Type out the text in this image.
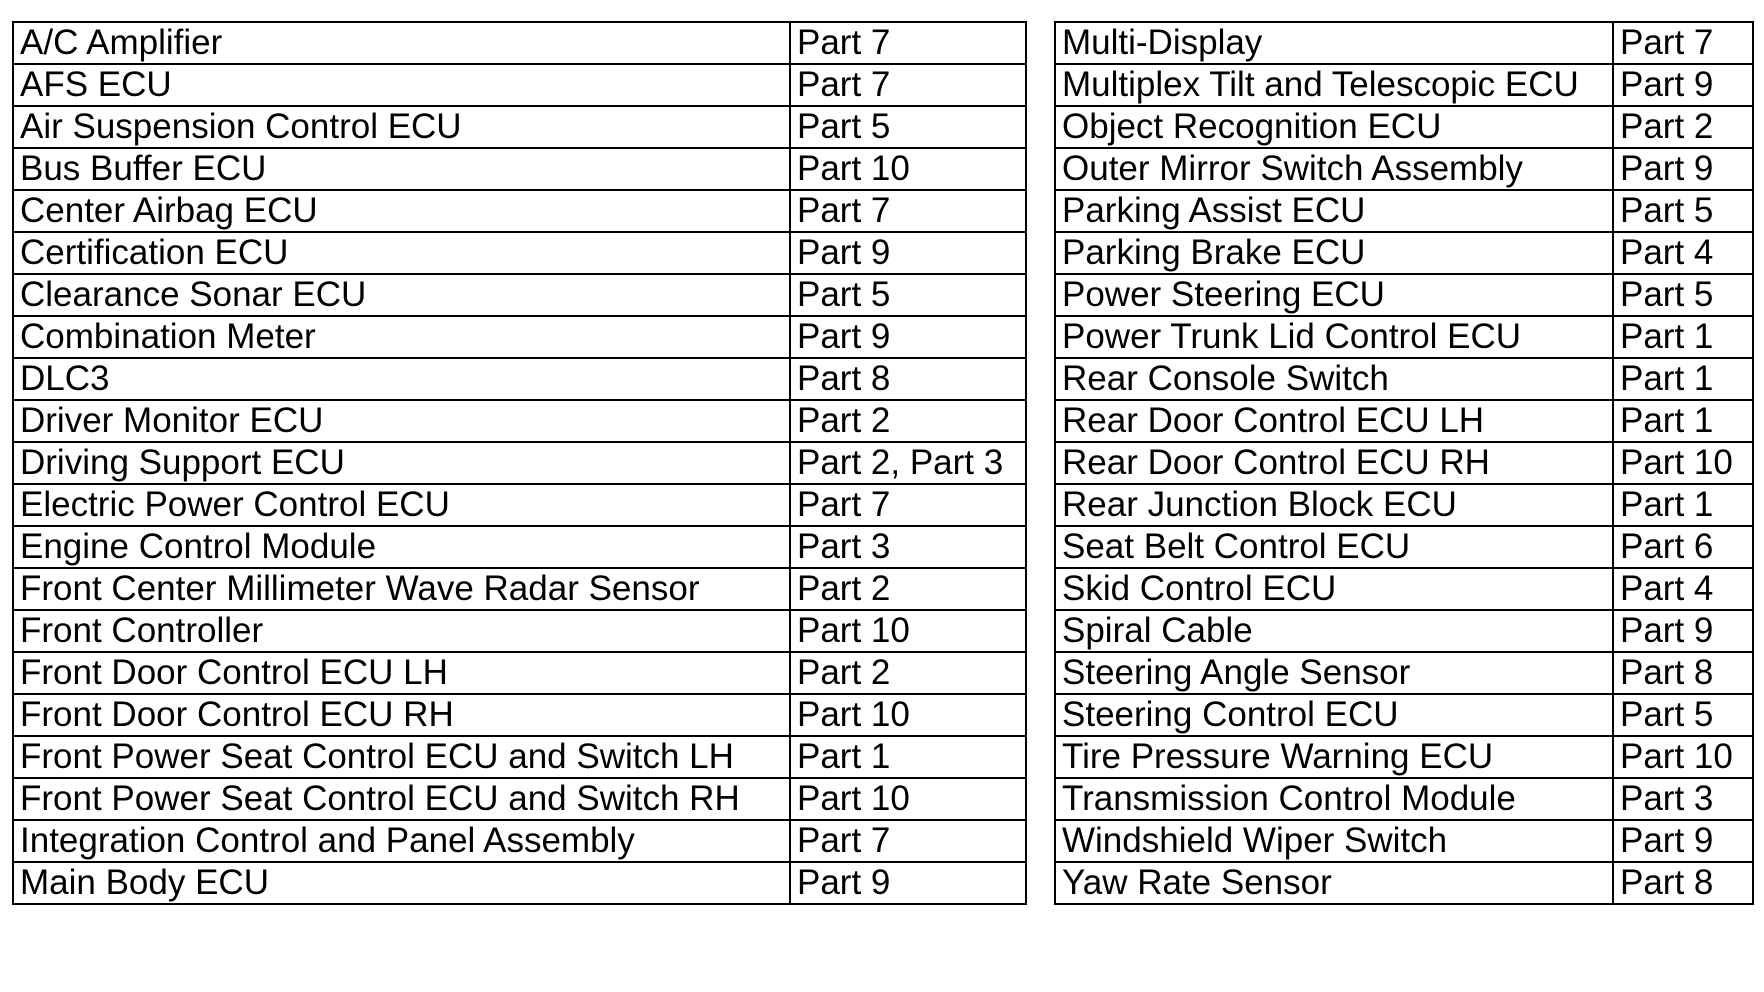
A/C Amplifier	Part 7
AFS ECU	Part 7
Air Suspension Control ECU	Part 5
Bus Buffer ECU	Part 10
Center Airbag ECU	Part 7
Certification ECU	Part 9
Clearance Sonar ECU	Part 5
Combination Meter	Part 9
DLC3	Part 8
Driver Monitor ECU	Part 2
Driving Support ECU	Part 2, Part 3
Electric Power Control ECU	Part 7
Engine Control Module	Part 3
Front Center Millimeter Wave Radar Sensor	Part 2
Front Controller	Part 10
Front Door Control ECU LH	Part 2
Front Door Control ECU RH	Part 10
Front Power Seat Control ECU and Switch LH	Part 1
Front Power Seat Control ECU and Switch RH	Part 10
Integration Control and Panel Assembly	Part 7
Main Body ECU	Part 9
Multi-Display	Part 7
Multiplex Tilt and Telescopic ECU	Part 9
Object Recognition ECU	Part 2
Outer Mirror Switch Assembly	Part 9
Parking Assist ECU	Part 5
Parking Brake ECU	Part 4
Power Steering ECU	Part 5
Power Trunk Lid Control ECU	Part 1
Rear Console Switch	Part 1
Rear Door Control ECU LH	Part 1
Rear Door Control ECU RH	Part 10
Rear Junction Block ECU	Part 1
Seat Belt Control ECU	Part 6
Skid Control ECU	Part 4
Spiral Cable	Part 9
Steering Angle Sensor	Part 8
Steering Control ECU	Part 5
Tire Pressure Warning ECU	Part 10
Transmission Control Module	Part 3
Windshield Wiper Switch	Part 9
Yaw Rate Sensor	Part 8
